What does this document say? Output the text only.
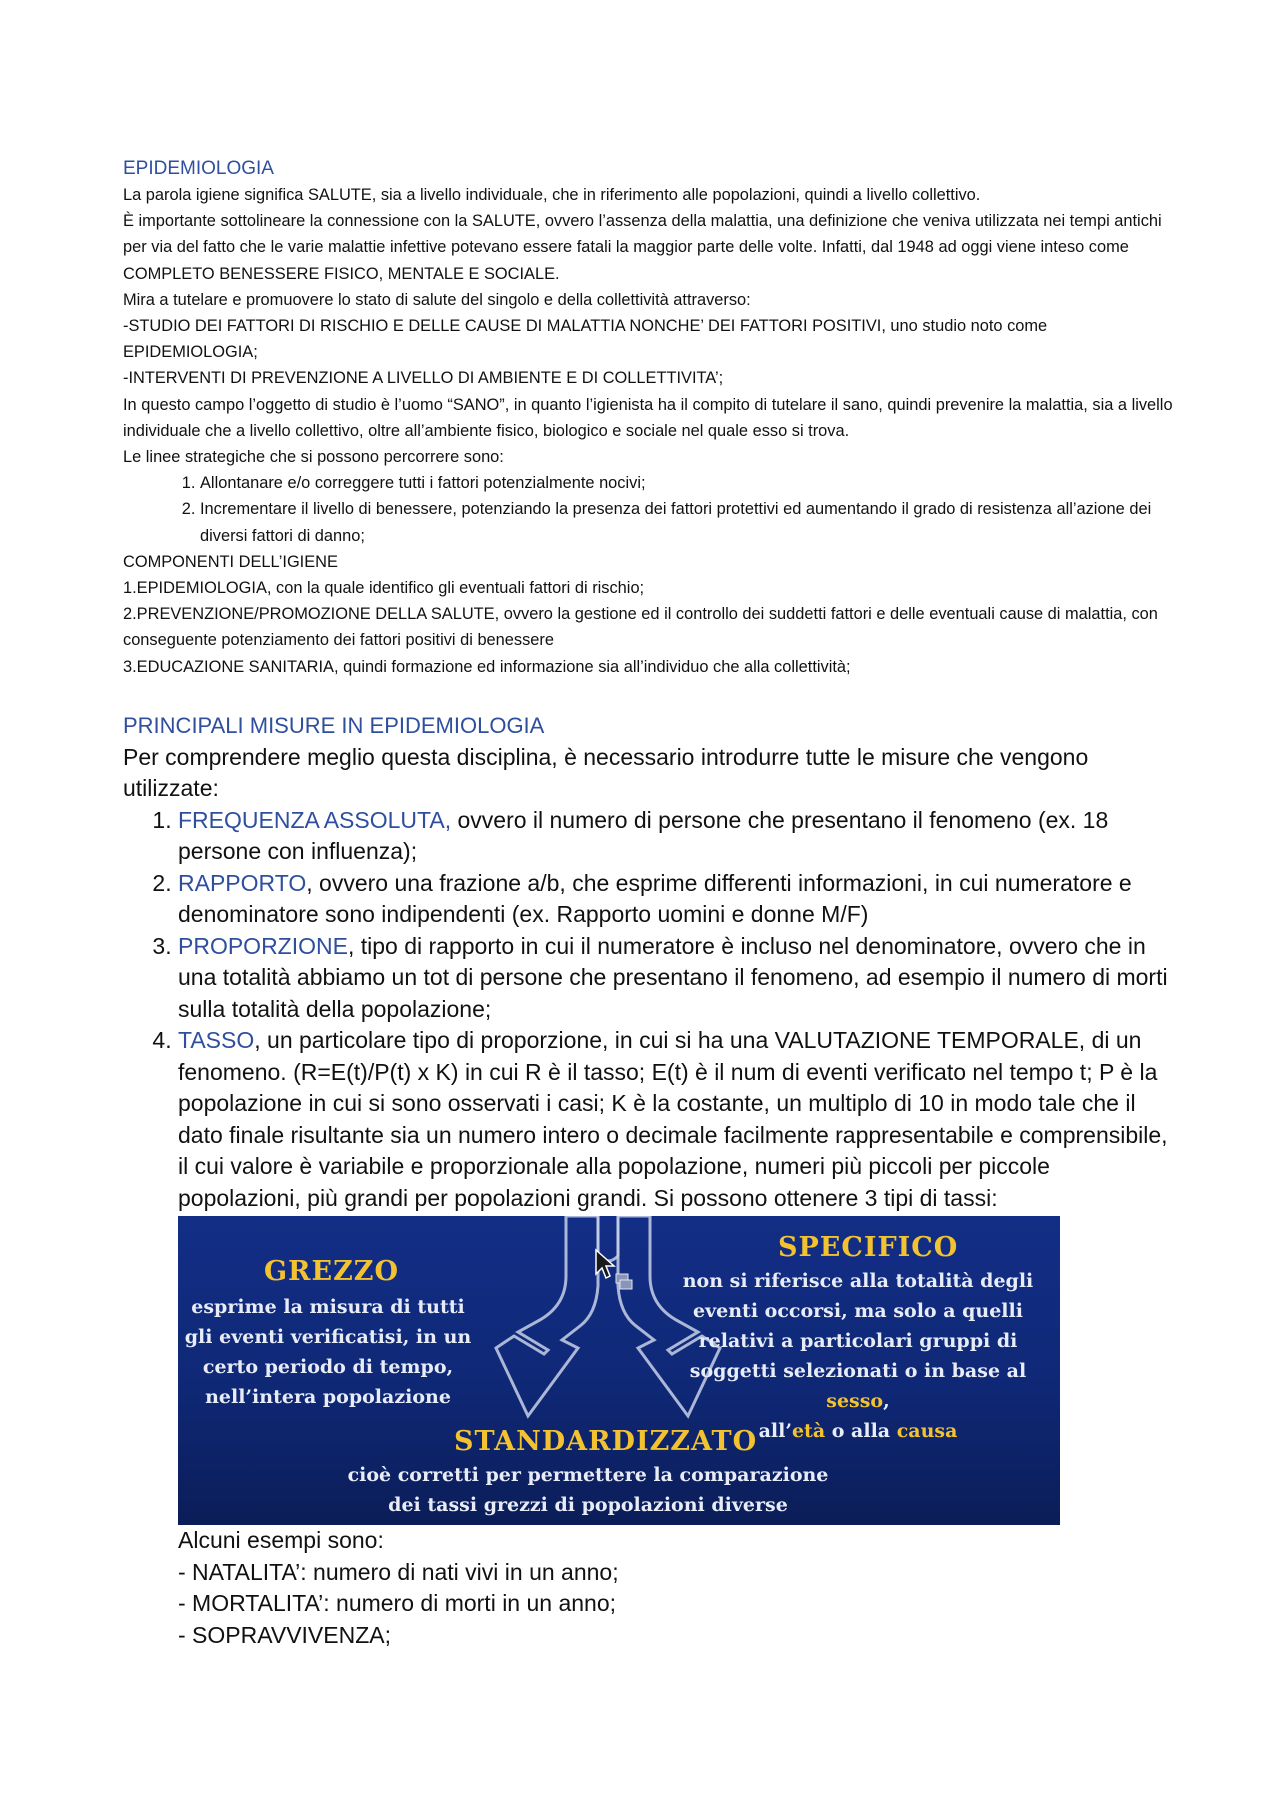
EPIDEMIOLOGIA

La parola igiene significa SALUTE, sia a livello individuale, che in riferimento alle popolazioni, quindi a livello collettivo.

È importante sottolineare la connessione con la SALUTE, ovvero l’assenza della malattia, una definizione che veniva utilizzata nei tempi antichi per via del fatto che le varie malattie infettive potevano essere fatali la maggior parte delle volte. Infatti, dal 1948 ad oggi viene inteso come COMPLETO BENESSERE FISICO, MENTALE E SOCIALE.

Mira a tutelare e promuovere lo stato di salute del singolo e della collettività attraverso:

-STUDIO DEI FATTORI DI RISCHIO E DELLE CAUSE DI MALATTIA NONCHE’ DEI FATTORI POSITIVI, uno studio noto come EPIDEMIOLOGIA;

-INTERVENTI DI PREVENZIONE A LIVELLO DI AMBIENTE E DI COLLETTIVITA’;

In questo campo l’oggetto di studio è l’uomo “SANO”, in quanto l’igienista ha il compito di tutelare il sano, quindi prevenire la malattia, sia a livello individuale che a livello collettivo, oltre all’ambiente fisico, biologico e sociale nel quale esso si trova.

Le linee strategiche che si possono percorrere sono:

1. Allontanare e/o correggere tutti i fattori potenzialmente nocivi;
2. Incrementare il livello di benessere, potenziando la presenza dei fattori protettivi ed aumentando il grado di resistenza all’azione dei diversi fattori di danno;

COMPONENTI DELL’IGIENE

1.EPIDEMIOLOGIA, con la quale identifico gli eventuali fattori di rischio;

2.PREVENZIONE/PROMOZIONE DELLA SALUTE, ovvero la gestione ed il controllo dei suddetti fattori e delle eventuali cause di malattia, con conseguente potenziamento dei fattori positivi di benessere

3.EDUCAZIONE SANITARIA, quindi formazione ed informazione sia all’individuo che alla collettività;

PRINCIPALI MISURE IN EPIDEMIOLOGIA

Per comprendere meglio questa disciplina, è necessario introdurre tutte le misure che vengono utilizzate:

1. FREQUENZA ASSOLUTA, ovvero il numero di persone che presentano il fenomeno (ex. 18 persone con influenza);
2. RAPPORTO, ovvero una frazione a/b, che esprime differenti informazioni, in cui numeratore e denominatore sono indipendenti (ex. Rapporto uomini e donne M/F)
3. PROPORZIONE, tipo di rapporto in cui il numeratore è incluso nel denominatore, ovvero che in una totalità abbiamo un tot di persone che presentano il fenomeno, ad esempio il numero di morti sulla totalità della popolazione;
4. TASSO, un particolare tipo di proporzione, in cui si ha una VALUTAZIONE TEMPORALE, di un fenomeno. (R=E(t)/P(t) x K) in cui R è il tasso; E(t) è il num di eventi verificato nel tempo t; P è la popolazione in cui si sono osservati i casi; K è la costante, un multiplo di 10 in modo tale che il dato finale risultante sia un numero intero o decimale facilmente rappresentabile e comprensibile, il cui valore è variabile e proporzionale alla popolazione, numeri più piccoli per piccole popolazioni, più grandi per popolazioni grandi. Si possono ottenere 3 tipi di tassi:
GREZZO
esprime la misura di tutti
gli eventi verificatisi, in un
certo periodo di tempo,
nell’intera popolazione
SPECIFICO
non si riferisce alla totalità degli
eventi occorsi, ma solo a quelli
relativi a particolari gruppi di
soggetti selezionati o in base al sesso,
all’età o alla causa
STANDARDIZZATO
cioè corretti per permettere la comparazione
dei tassi grezzi di popolazioni diverse

Alcuni esempi sono:

- NATALITA’: numero di nati vivi in un anno;

- MORTALITA’: numero di morti in un anno;

- SOPRAVVIVENZA;
